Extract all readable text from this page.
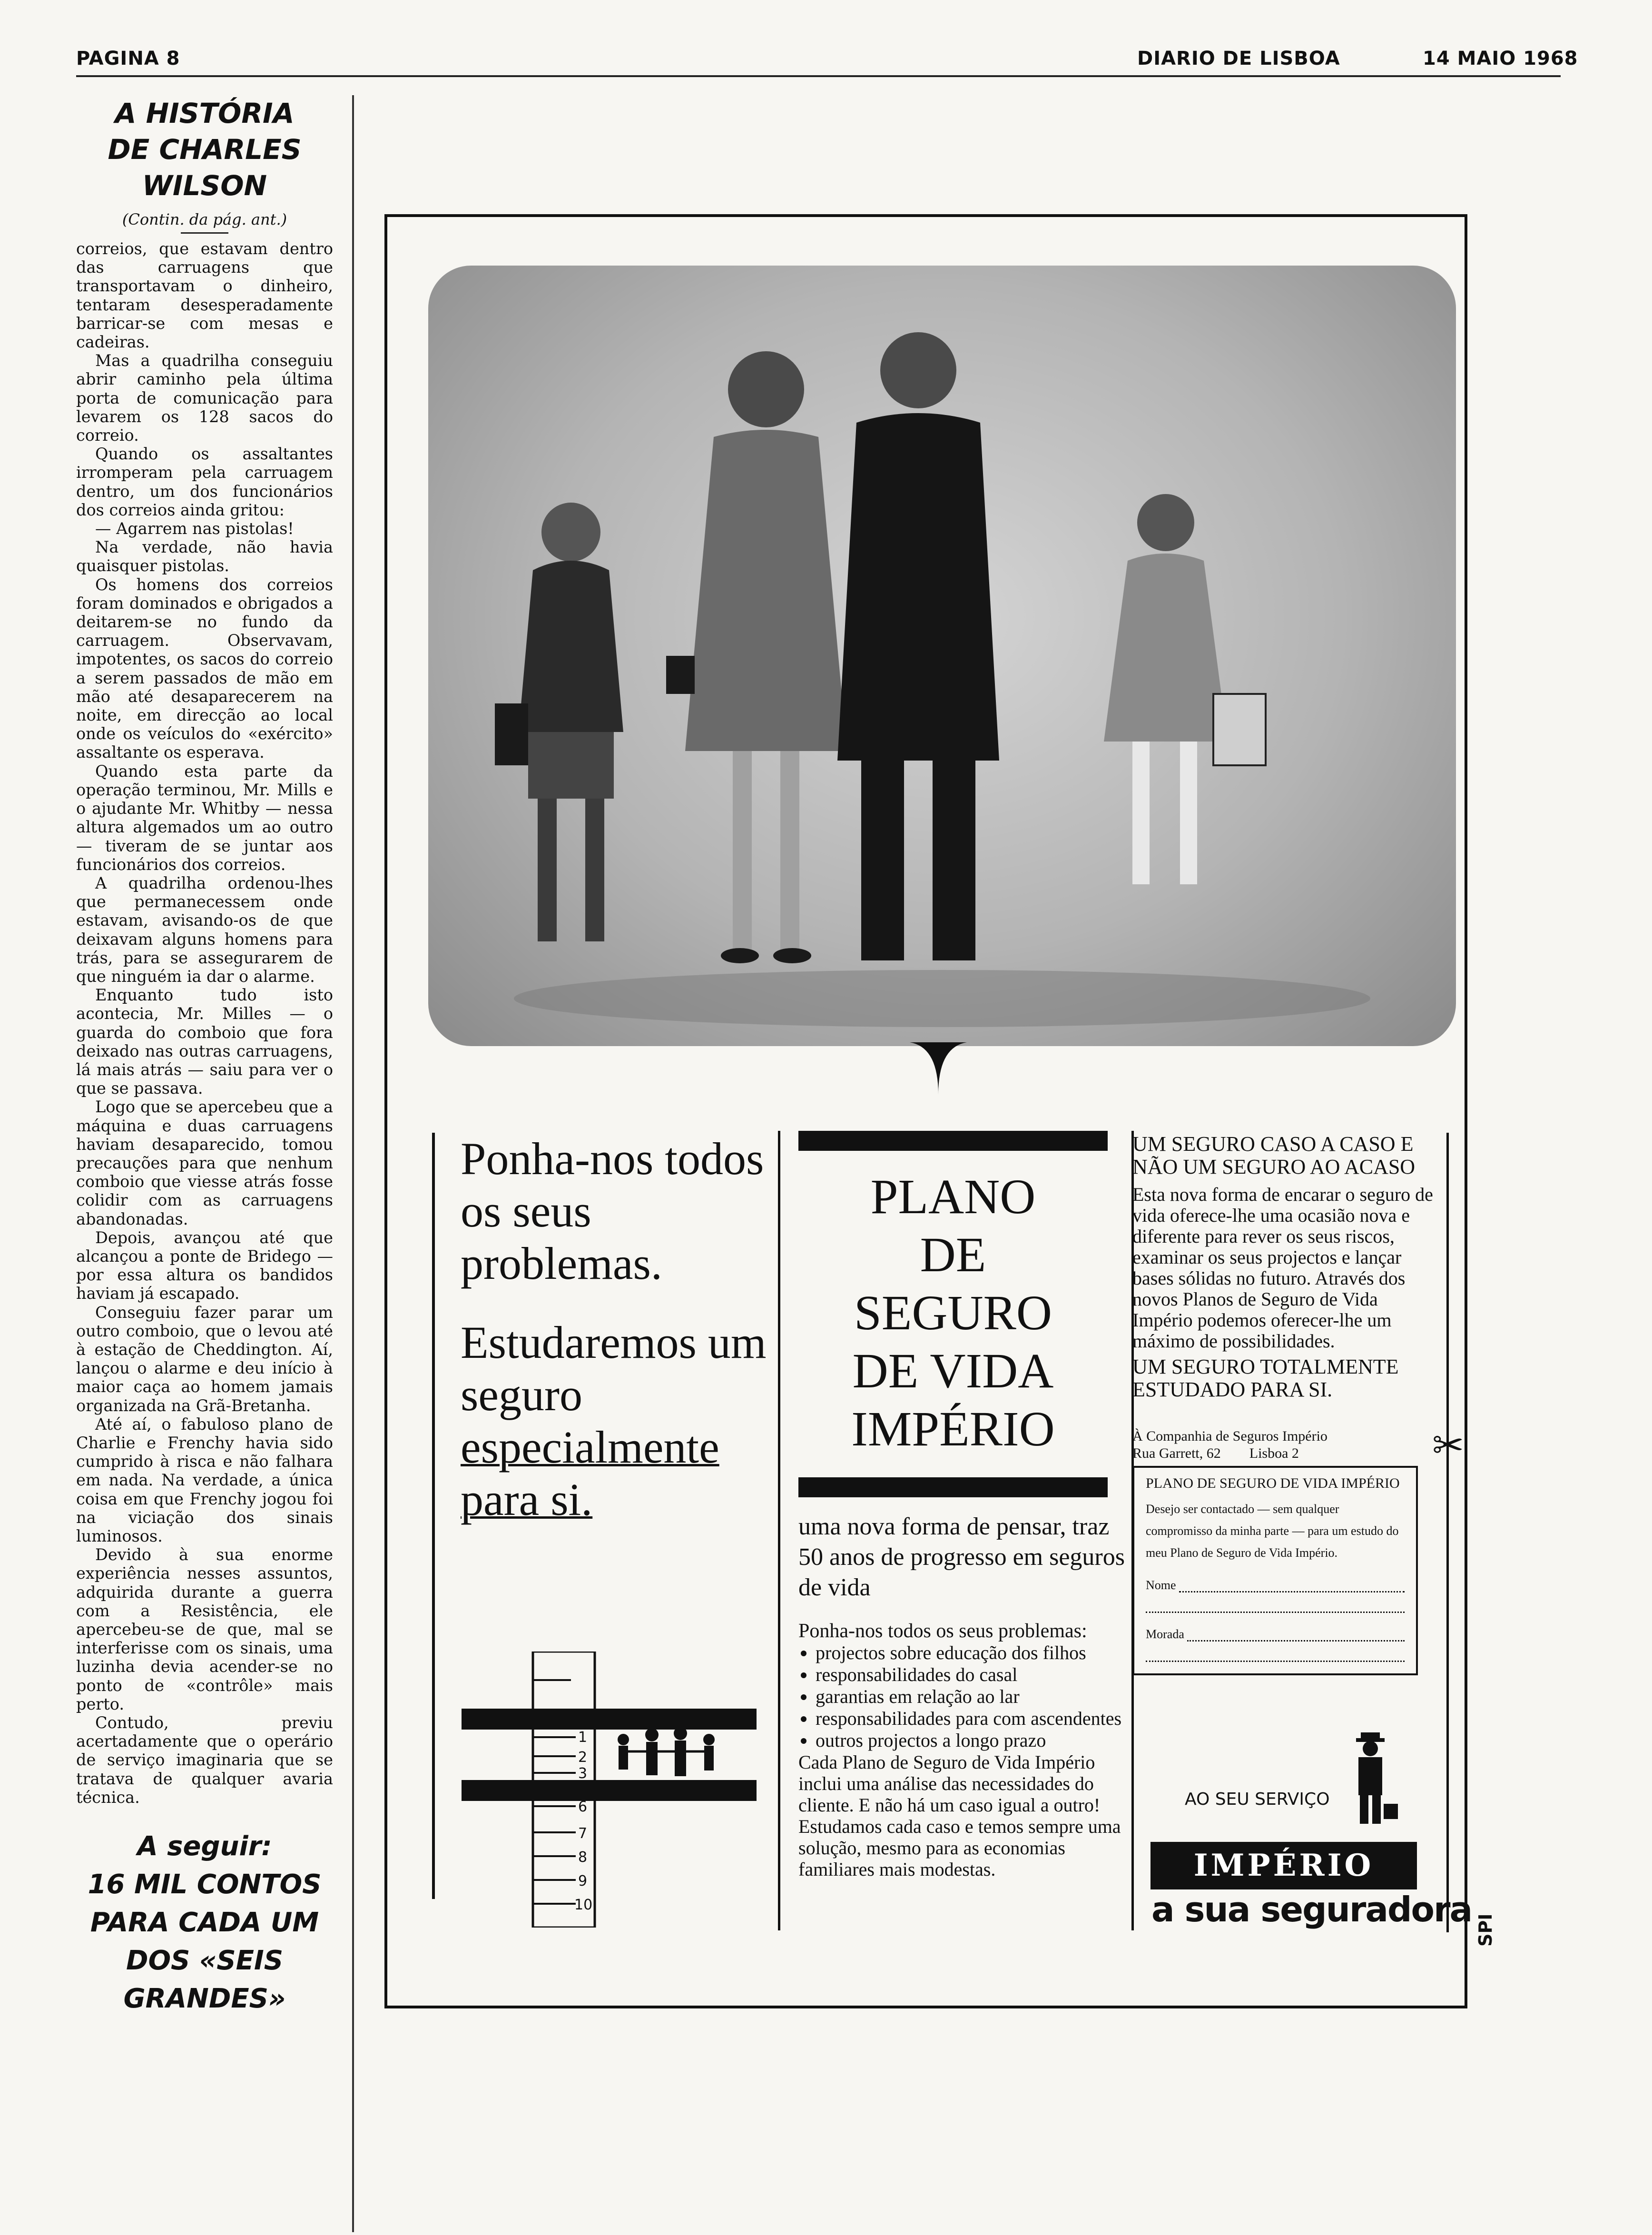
PAGINA 8	DIARIO DE LISBOA	14 MAIO 1968
A HISTÓRIA
DE CHARLES
WILSON
(Contin. da pág. ant.)

correios, que estavam dentro das carruagens que transportavam o dinheiro, tentaram desesperadamente barricar-se com mesas e cadeiras.

Mas a quadrilha conseguiu abrir caminho pela última porta de comunicação para levarem os 128 sacos do correio.

Quando os assaltantes irromperam pela carruagem dentro, um dos funcionários dos correios ainda gritou:

— Agarrem nas pistolas!

Na verdade, não havia quaisquer pistolas.

Os homens dos correios foram dominados e obrigados a deitarem-se no fundo da carruagem. Observavam, impotentes, os sacos do correio a serem passados de mão em mão até desaparecerem na noite, em direcção ao local onde os veículos do «exército» assaltante os esperava.

Quando esta parte da operação terminou, Mr. Mills e o ajudante Mr. Whitby — nessa altura algemados um ao outro — tiveram de se juntar aos funcionários dos correios.

A quadrilha ordenou-lhes que permanecessem onde estavam, avisando-os de que deixavam alguns homens para trás, para se assegurarem de que ninguém ia dar o alarme.

Enquanto tudo isto acontecia, Mr. Milles — o guarda do comboio que fora deixado nas outras carruagens, lá mais atrás — saiu para ver o que se passava.

Logo que se apercebeu que a máquina e duas carruagens haviam desaparecido, tomou precauções para que nenhum comboio que viesse atrás fosse colidir com as carruagens abandonadas.

Depois, avançou até que alcançou a ponte de Bridego — por essa altura os bandidos haviam já escapado.

Conseguiu fazer parar um outro comboio, que o levou até à estação de Cheddington. Aí, lançou o alarme e deu início à maior caça ao homem jamais organizada na Grã-Bretanha.

Até aí, o fabuloso plano de Charlie e Frenchy havia sido cumprido à risca e não falhara em nada. Na verdade, a única coisa em que Frenchy jogou foi na viciação dos sinais luminosos.

Devido à sua enorme experiência nesses assuntos, adquirida durante a guerra com a Resistência, ele apercebeu-se de que, mal se interferisse com os sinais, uma luzinha devia acender-se no ponto de «contrôle» mais perto.

Contudo, previu acertadamente que o operário de serviço imaginaria que se tratava de qualquer avaria técnica.

A seguir:
16 MIL CONTOS
PARA CADA UM
DOS «SEIS
GRANDES»

Ponha-nos todos os seus problemas.

Estudaremos um seguro especialmente para si.

1
2
3
6
7
8
9
10
PLANO
DE
SEGURO
DE VIDA
IMPÉRIO
uma nova forma de pensar, traz 50 anos de progresso em seguros de vida
Ponha-nos todos os seus problemas:
• projectos sobre educação dos filhos
• responsabilidades do casal
• garantias em relação ao lar
• responsabilidades para com ascendentes
• outros projectos a longo prazo
Cada Plano de Seguro de Vida Império inclui uma análise das necessidades do cliente. E não há um caso igual a outro! Estudamos cada caso e temos sempre uma solução, mesmo para as economias familiares mais modestas.

UM SEGURO CASO A CASO E NÃO UM SEGURO AO ACASO

Esta nova forma de encarar o seguro de vida oferece-lhe uma ocasião nova e diferente para rever os seus riscos, examinar os seus projectos e lançar bases sólidas no futuro. Através dos novos Planos de Seguro de Vida Império podemos oferecer-lhe um máximo de possibilidades.

UM SEGURO TOTALMENTE ESTUDADO PARA SI.

À Companhia de Seguros Império
Rua Garrett, 62        Lisboa 2
PLANO DE SEGURO DE VIDA IMPÉRIO
Desejo ser contactado — sem qualquer compromisso da minha parte — para um estudo do meu Plano de Seguro de Vida Império.
Nome
Morada
✂
AO SEU SERVIÇO
IMPÉRIO
a sua seguradora
SPI
